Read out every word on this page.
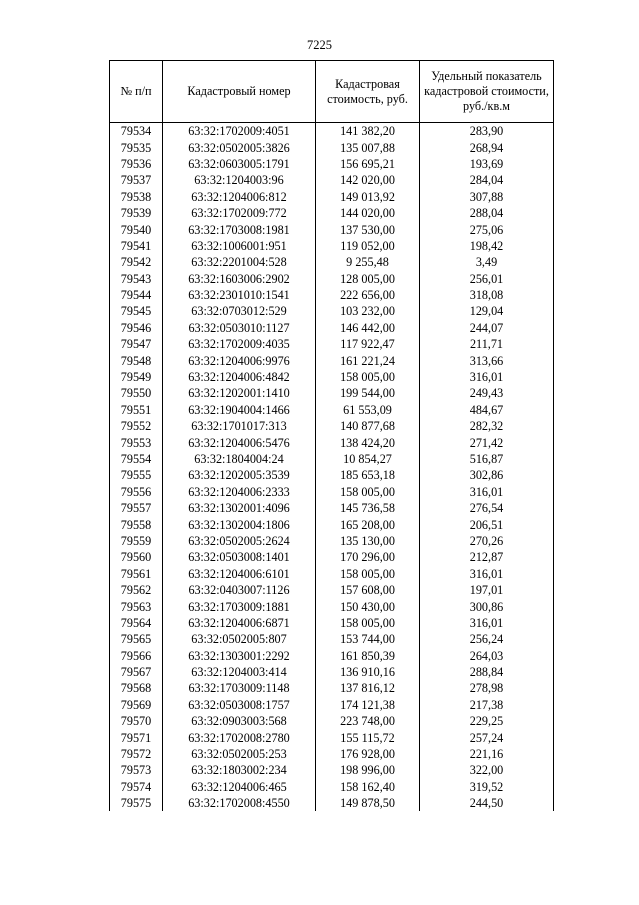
7225
№ п/п	Кадастровый номер	Кадастровая стоимость, руб.	Удельный показатель кадастровой стоимости, руб./кв.м
79534	63:32:1702009:4051	141 382,20	283,90
79535	63:32:0502005:3826	135 007,88	268,94
79536	63:32:0603005:1791	156 695,21	193,69
79537	63:32:1204003:96	142 020,00	284,04
79538	63:32:1204006:812	149 013,92	307,88
79539	63:32:1702009:772	144 020,00	288,04
79540	63:32:1703008:1981	137 530,00	275,06
79541	63:32:1006001:951	119 052,00	198,42
79542	63:32:2201004:528	9 255,48	3,49
79543	63:32:1603006:2902	128 005,00	256,01
79544	63:32:2301010:1541	222 656,00	318,08
79545	63:32:0703012:529	103 232,00	129,04
79546	63:32:0503010:1127	146 442,00	244,07
79547	63:32:1702009:4035	117 922,47	211,71
79548	63:32:1204006:9976	161 221,24	313,66
79549	63:32:1204006:4842	158 005,00	316,01
79550	63:32:1202001:1410	199 544,00	249,43
79551	63:32:1904004:1466	61 553,09	484,67
79552	63:32:1701017:313	140 877,68	282,32
79553	63:32:1204006:5476	138 424,20	271,42
79554	63:32:1804004:24	10 854,27	516,87
79555	63:32:1202005:3539	185 653,18	302,86
79556	63:32:1204006:2333	158 005,00	316,01
79557	63:32:1302001:4096	145 736,58	276,54
79558	63:32:1302004:1806	165 208,00	206,51
79559	63:32:0502005:2624	135 130,00	270,26
79560	63:32:0503008:1401	170 296,00	212,87
79561	63:32:1204006:6101	158 005,00	316,01
79562	63:32:0403007:1126	157 608,00	197,01
79563	63:32:1703009:1881	150 430,00	300,86
79564	63:32:1204006:6871	158 005,00	316,01
79565	63:32:0502005:807	153 744,00	256,24
79566	63:32:1303001:2292	161 850,39	264,03
79567	63:32:1204003:414	136 910,16	288,84
79568	63:32:1703009:1148	137 816,12	278,98
79569	63:32:0503008:1757	174 121,38	217,38
79570	63:32:0903003:568	223 748,00	229,25
79571	63:32:1702008:2780	155 115,72	257,24
79572	63:32:0502005:253	176 928,00	221,16
79573	63:32:1803002:234	198 996,00	322,00
79574	63:32:1204006:465	158 162,40	319,52
79575	63:32:1702008:4550	149 878,50	244,50
